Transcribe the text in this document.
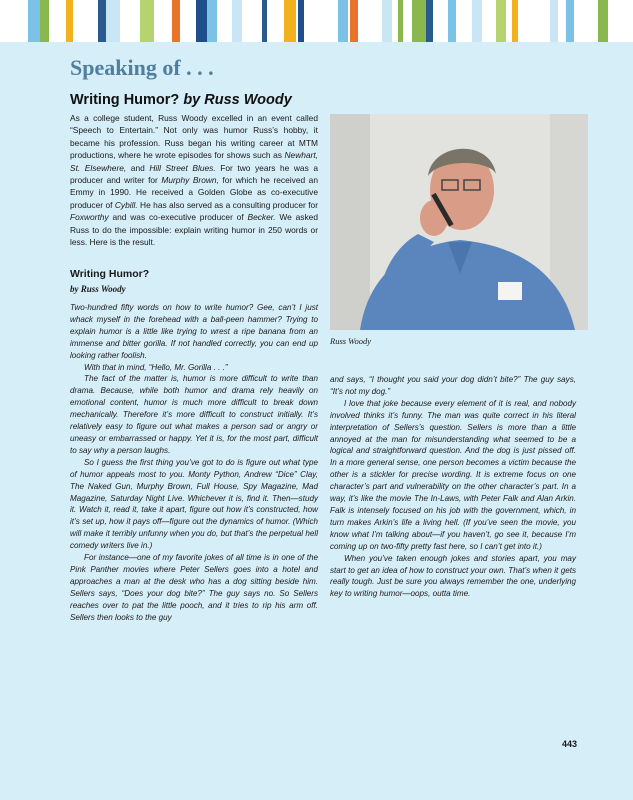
Speaking of . . .
Writing Humor? by Russ Woody

As a college student, Russ Woody excelled in an event called “Speech to Entertain.” Not only was humor Russ’s hobby, it became his profession. Russ began his writing career at MTM productions, where he wrote episodes for shows such as Newhart, St. Elsewhere, and Hill Street Blues. For two years he was a producer and writer for Murphy Brown, for which he received an Emmy in 1990. He received a Golden Globe as co-executive producer of Cybill. He has also served as a consulting producer for Foxworthy and was co-executive producer of Becker. We asked Russ to do the impossible: explain writing humor in 250 words or less. Here is the result.

Russ Woody

Writing Humor?

by Russ Woody

Two-hundred fifty words on how to write humor? Gee, can’t I just whack myself in the forehead with a ball-peen hammer? Trying to explain humor is a little like trying to wrest a ripe banana from an immense and bitter gorilla. If not handled correctly, you can end up looking rather foolish.

With that in mind, “Hello, Mr. Gorilla . . .”

The fact of the matter is, humor is more difficult to write than drama. Because, while both humor and drama rely heavily on emotional content, humor is much more difficult to break down mechanically. Therefore it’s more difficult to construct initially. It’s relatively easy to figure out what makes a person sad or angry or uneasy or embarrassed or happy. Yet it is, for the most part, difficult to say why a person laughs.

So I guess the first thing you’ve got to do is figure out what type of humor appeals most to you. Monty Python, Andrew “Dice” Clay, The Naked Gun, Murphy Brown, Full House, Spy Magazine, Mad Magazine, Saturday Night Live. Whichever it is, find it. Then—study it. Watch it, read it, take it apart, figure out how it’s constructed, how it’s set up, how it pays off—figure out the dynamics of humor. (Which will make it terribly unfunny when you do, but that’s the perpetual hell comedy writers live in.)

For instance—one of my favorite jokes of all time is in one of the Pink Panther movies where Peter Sellers goes into a hotel and approaches a man at the desk who has a dog sitting beside him. Sellers says, “Does your dog bite?” The guy says no. So Sellers reaches over to pat the little pooch, and it tries to rip his arm off. Sellers then looks to the guy

and says, “I thought you said your dog didn’t bite?” The guy says, “It’s not my dog.”

I love that joke because every element of it is real, and nobody involved thinks it’s funny. The man was quite correct in his literal interpretation of Sellers’s question. Sellers is more than a little annoyed at the man for misunderstanding what seemed to be a logical and straightforward question. And the dog is just pissed off. In a more general sense, one person becomes a victim because the other is a stickler for precise wording. It is extreme focus on one character’s part and vulnerability on the other character’s part. In a way, it’s like the movie The In-Laws, with Peter Falk and Alan Arkin. Falk is intensely focused on his job with the government, which, in turn makes Arkin’s life a living hell. (If you’ve seen the movie, you know what I’m talking about—if you haven’t, go see it, because I’m coming up on two-fifty pretty fast here, so I can’t get into it.)

When you’ve taken enough jokes and stories apart, you may start to get an idea of how to construct your own. That’s when it gets really tough. Just be sure you always remember the one, underlying key to writing humor—oops, outta time.

443
